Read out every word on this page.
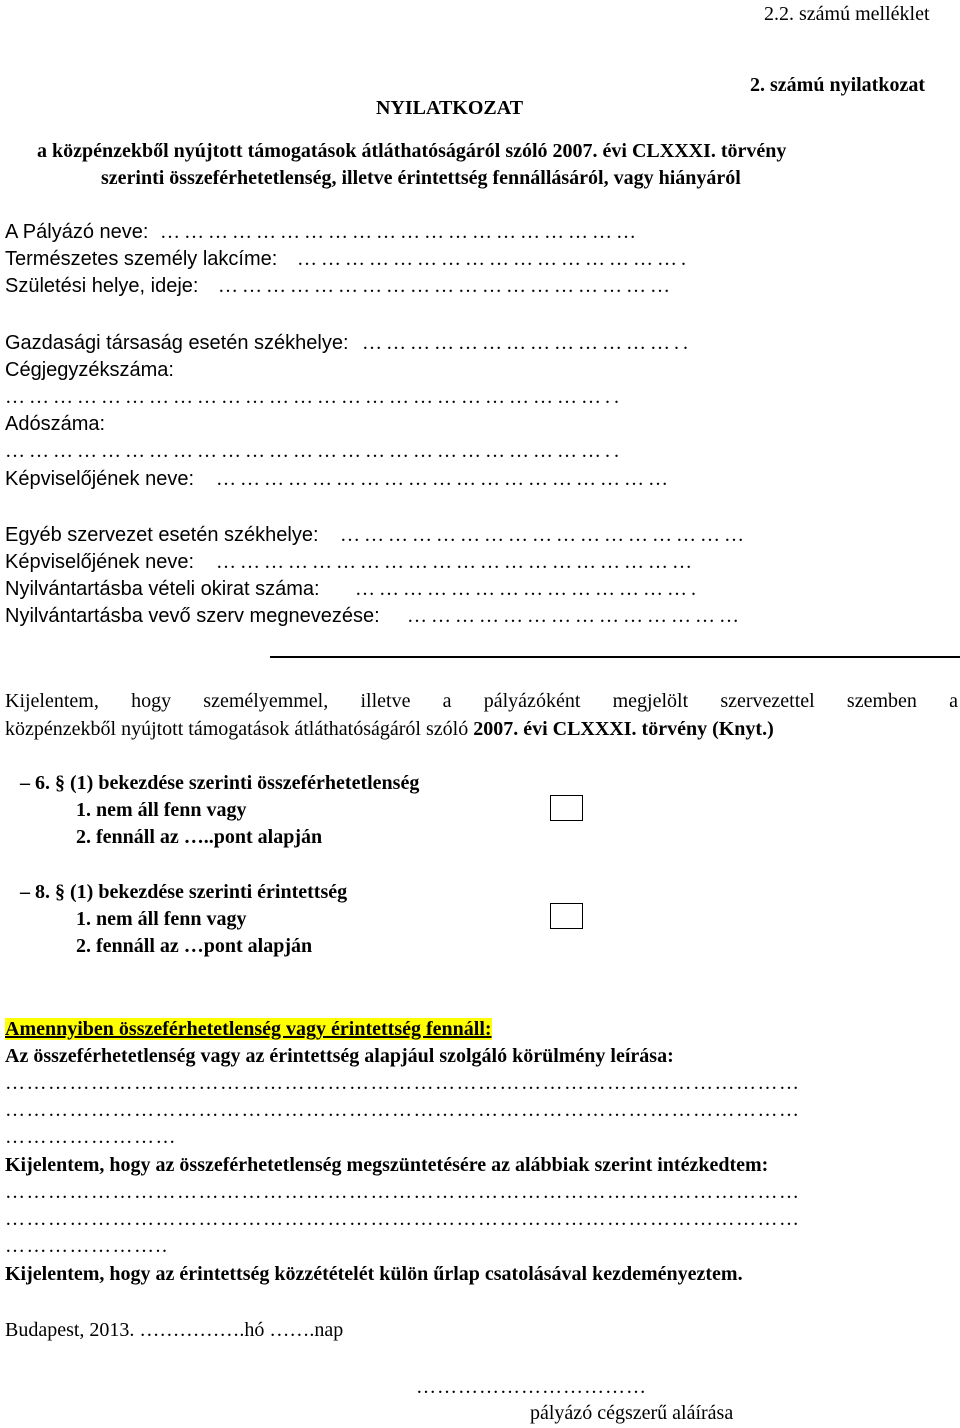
2.2. számú melléklet
2. számú nyilatkozat
NYILATKOZAT
a közpénzekből nyújtott támogatások átláthatóságáról szóló 2007. évi CLXXXI. törvény
szerinti összeférhetetlenség, illetve érintettség fennállásáról, vagy hiányáról
A Pályázó neve: ……………………………………………………
Természetes személy lakcíme: ………………………………………….
Születési helye, ideje: …………………………………………………
Gazdasági társaság esetén székhelye: …………………………………..
Cégjegyzékszáma:
…………………………………………………………………..
Adószáma:
…………………………………………………………………..
Képviselőjének neve: …………………………………………………
Egyéb szervezet esetén székhelye: ……………………………………………
Képviselőjének neve: ……………………………………………………
Nyilvántartásba vételi okirat száma: …………………………………….
Nyilvántartásba vevő szerv megnevezése: ……………………………………
Kijelentem, hogy személyemmel, illetve a pályázóként megjelölt szervezettel szemben a
közpénzekből nyújtott támogatások átláthatóságáról szóló 2007. évi CLXXXI. törvény (Knyt.)
– 6. § (1) bekezdése szerinti összeférhetetlenség
1. nem áll fenn vagy
2. fennáll az …..pont alapján
– 8. § (1) bekezdése szerinti érintettség
1. nem áll fenn vagy
2. fennáll az …pont alapján
Amennyiben összeférhetetlenség vagy érintettség fennáll:
Az összeférhetetlenség vagy az érintettség alapjául szolgáló körülmény leírása:
…………………………………………………………………………………………………
…………………………………………………………………………………………………
……………………
Kijelentem, hogy az összeférhetetlenség megszüntetésére az alábbiak szerint intézkedtem:
…………………………………………………………………………………………………
…………………………………………………………………………………………………
…………………..
Kijelentem, hogy az érintettség közzétételét külön űrlap csatolásával kezdeményeztem.
Budapest, 2013. …………….hó …….nap
……………………………
pályázó cégszerű aláírása
